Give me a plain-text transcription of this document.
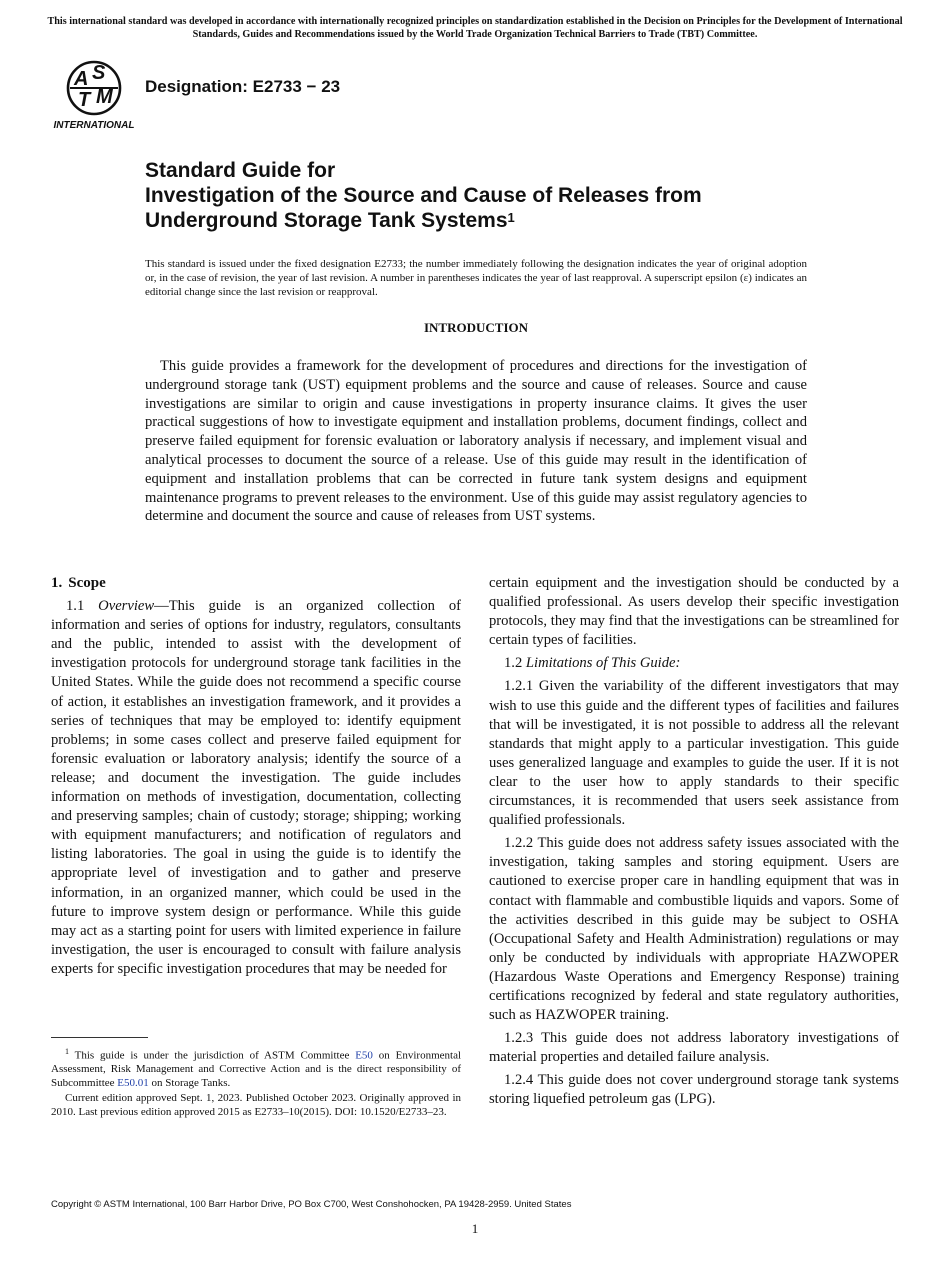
This international standard was developed in accordance with internationally recognized principles on standardization established in the Decision on Principles for the Development of International Standards, Guides and Recommendations issued by the World Trade Organization Technical Barriers to Trade (TBT) Committee.
A S
T M
INTERNATIONAL
Designation: E2733 − 23
Standard Guide for
Investigation of the Source and Cause of Releases from
Underground Storage Tank Systems$^1$
This standard is issued under the fixed designation E2733; the number immediately following the designation indicates the year of original adoption or, in the case of revision, the year of last revision. A number in parentheses indicates the year of last reapproval. A superscript epsilon (ε) indicates an editorial change since the last revision or reapproval.
INTRODUCTION

This guide provides a framework for the development of procedures and directions for the investigation of underground storage tank (UST) equipment problems and the source and cause of releases. Source and cause investigations are similar to origin and cause investigations in property insurance claims. It gives the user practical suggestions of how to investigate equipment and installation problems, document findings, collect and preserve failed equipment for forensic evaluation or laboratory analysis if necessary, and implement visual and analytical processes to document the source of a release. Use of this guide may result in the identification of equipment and installation problems that can be corrected in future tank system designs and equipment maintenance programs to prevent releases to the environment. Use of this guide may assist regulatory agencies to determine and document the source and cause of releases from UST systems.

1. Scope

1.1 Overview—This guide is an organized collection of information and series of options for industry, regulators, consultants and the public, intended to assist with the development of investigation protocols for underground storage tank facilities in the United States. While the guide does not recommend a specific course of action, it establishes an investigation framework, and it provides a series of techniques that may be employed to: identify equipment problems; in some cases collect and preserve failed equipment for forensic evaluation or laboratory analysis; identify the source of a release; and document the investigation. The guide includes information on methods of investigation, documentation, collecting and preserving samples; chain of custody; storage; shipping; working with equipment manufacturers; and notification of regulators and listing laboratories. The goal in using the guide is to identify the appropriate level of investigation and to gather and preserve information, in an organized manner, which could be used in the future to improve system design or performance. While this guide may act as a starting point for users with limited experience in failure investigation, the user is encouraged to consult with failure analysis experts for specific investigation procedures that may be needed for

certain equipment and the investigation should be conducted by a qualified professional. As users develop their specific investigation protocols, they may find that the investigations can be streamlined for certain types of facilities.

1.2 Limitations of This Guide:

1.2.1 Given the variability of the different investigators that may wish to use this guide and the different types of facilities and failures that will be investigated, it is not possible to address all the relevant standards that might apply to a particular investigation. This guide uses generalized language and examples to guide the user. If it is not clear to the user how to apply standards to their specific circumstances, it is recommended that users seek assistance from qualified professionals.

1.2.2 This guide does not address safety issues associated with the investigation, taking samples and storing equipment. Users are cautioned to exercise proper care in handling equipment that was in contact with flammable and combustible liquids and vapors. Some of the activities described in this guide may be subject to OSHA (Occupational Safety and Health Administration) regulations or may only be conducted by individuals with appropriate HAZWOPER (Hazardous Waste Operations and Emergency Response) training certifications recognized by federal and state regulatory authorities, such as HAZWOPER training.

1.2.3 This guide does not address laboratory investigations of material properties and detailed failure analysis.

1.2.4 This guide does not cover underground storage tank systems storing liquefied petroleum gas (LPG).

$^1$ This guide is under the jurisdiction of ASTM Committee E50 on Environmental Assessment, Risk Management and Corrective Action and is the direct responsibility of Subcommittee E50.01 on Storage Tanks.

Current edition approved Sept. 1, 2023. Published October 2023. Originally approved in 2010. Last previous edition approved 2015 as E2733–10(2015). DOI: 10.1520/E2733–23.

Copyright © ASTM International, 100 Barr Harbor Drive, PO Box C700, West Conshohocken, PA 19428-2959. United States
1
